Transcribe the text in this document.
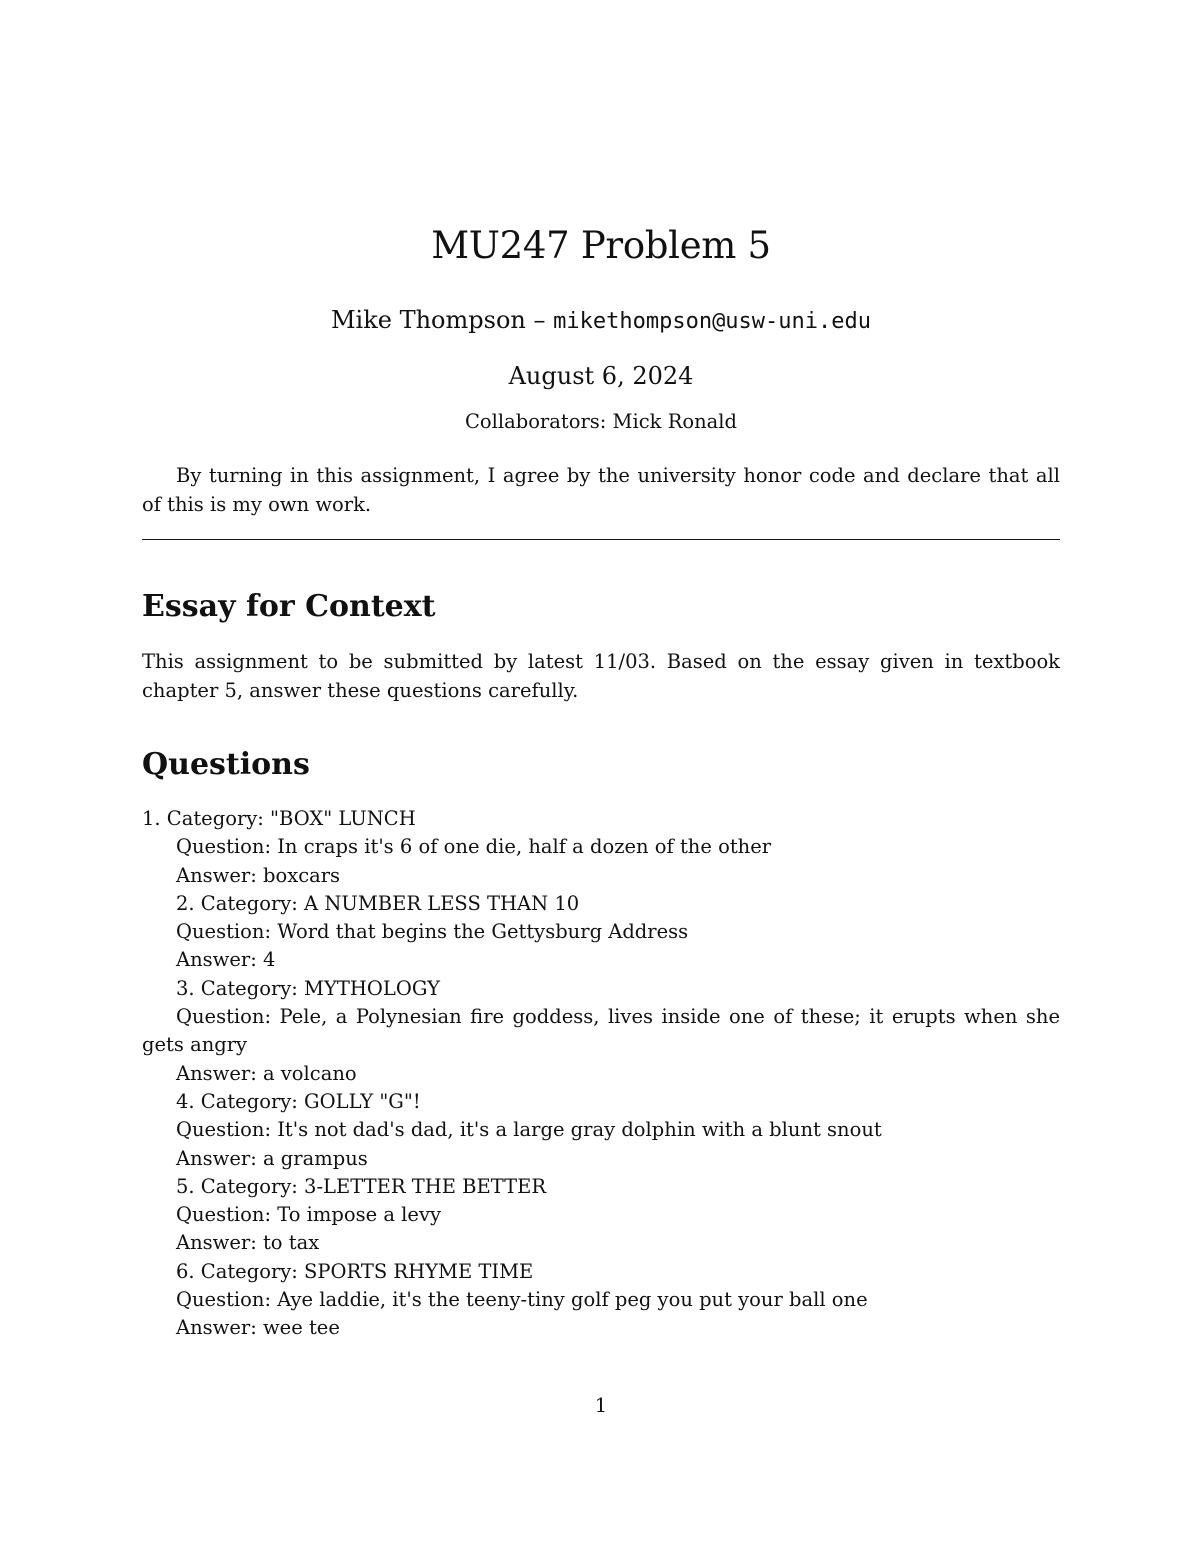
MU247 Problem 5
Mike Thompson – mikethompson@usw-uni.edu
August 6, 2024
Collaborators: Mick Ronald

By turning in this assignment, I agree by the university honor code and declare that all of this is my own work.

Essay for Context

This assignment to be submitted by latest 11/03. Based on the essay given in textbook chapter 5, answer these questions carefully.

Questions
1. Category: "BOX" LUNCH
Question: In craps it's 6 of one die, half a dozen of the other
Answer: boxcars
2. Category: A NUMBER LESS THAN 10
Question: Word that begins the Gettysburg Address
Answer: 4
3. Category: MYTHOLOGY
Question: Pele, a Polynesian fire goddess, lives inside one of these; it erupts when she gets angry
Answer: a volcano
4. Category: GOLLY "G"!
Question: It's not dad's dad, it's a large gray dolphin with a blunt snout
Answer: a grampus
5. Category: 3-LETTER THE BETTER
Question: To impose a levy
Answer: to tax
6. Category: SPORTS RHYME TIME
Question: Aye laddie, it's the teeny-tiny golf peg you put your ball one
Answer: wee tee
1
